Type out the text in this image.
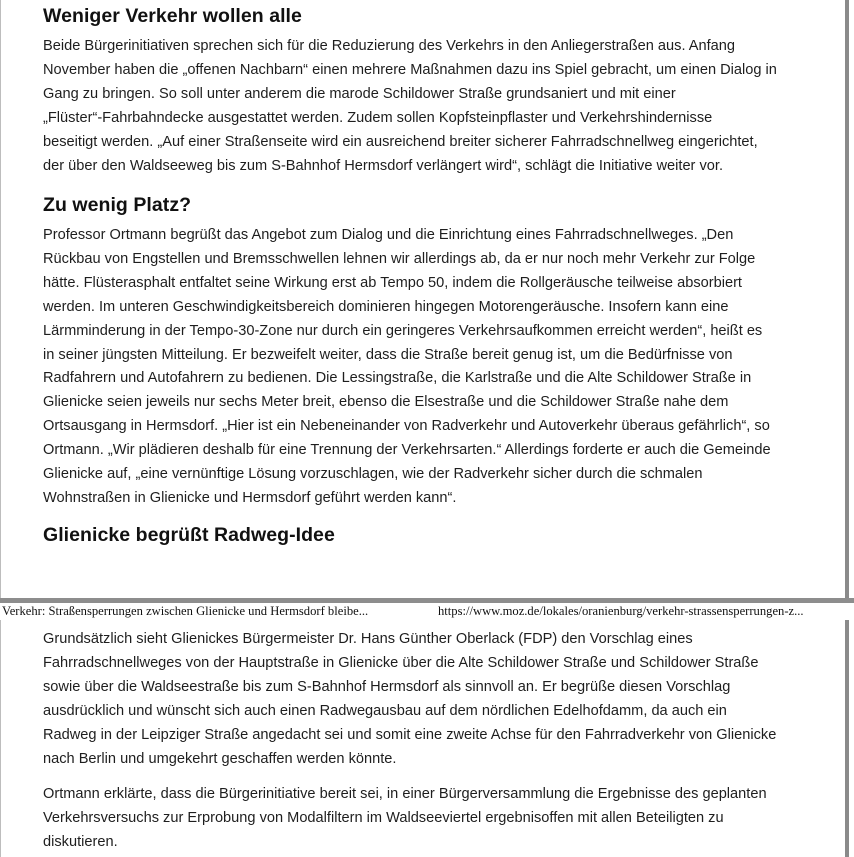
Weniger Verkehr wollen alle

Beide Bürgerinitiativen sprechen sich für die Reduzierung des Verkehrs in den Anliegerstraßen aus. Anfang
November haben die „offenen Nachbarn“ einen mehrere Maßnahmen dazu ins Spiel gebracht, um einen Dialog in
Gang zu bringen. So soll unter anderem die marode Schildower Straße grundsaniert und mit einer
„Flüster“-Fahrbahndecke ausgestattet werden. Zudem sollen Kopfsteinpflaster und Verkehrshindernisse
beseitigt werden. „Auf einer Straßenseite wird ein ausreichend breiter sicherer Fahrradschnellweg eingerichtet,
der über den Waldseeweg bis zum S-Bahnhof Hermsdorf verlängert wird“, schlägt die Initiative weiter vor.

Zu wenig Platz?

Professor Ortmann begrüßt das Angebot zum Dialog und die Einrichtung eines Fahrradschnellweges. „Den
Rückbau von Engstellen und Bremsschwellen lehnen wir allerdings ab, da er nur noch mehr Verkehr zur Folge
hätte. Flüsterasphalt entfaltet seine Wirkung erst ab Tempo 50, indem die Rollgeräusche teilweise absorbiert
werden. Im unteren Geschwindigkeitsbereich dominieren hingegen Motorengeräusche. Insofern kann eine
Lärmminderung in der Tempo-30-Zone nur durch ein geringeres Verkehrsaufkommen erreicht werden“, heißt es
in seiner jüngsten Mitteilung. Er bezweifelt weiter, dass die Straße bereit genug ist, um die Bedürfnisse von
Radfahrern und Autofahrern zu bedienen. Die Lessingstraße, die Karlstraße und die Alte Schildower Straße in
Glienicke seien jeweils nur sechs Meter breit, ebenso die Elsestraße und die Schildower Straße nahe dem
Ortsausgang in Hermsdorf. „Hier ist ein Nebeneinander von Radverkehr und Autoverkehr überaus gefährlich“, so
Ortmann. „Wir plädieren deshalb für eine Trennung der Verkehrsarten.“ Allerdings forderte er auch die Gemeinde
Glienicke auf, „eine vernünftige Lösung vorzuschlagen, wie der Radverkehr sicher durch die schmalen
Wohnstraßen in Glienicke und Hermsdorf geführt werden kann“.

Glienicke begrüßt Radweg-Idee
Verkehr: Straßensperrungen zwischen Glienicke und Hermsdorf bleibe...	https://www.moz.de/lokales/oranienburg/verkehr-strassensperrungen-z...

Grundsätzlich sieht Glienickes Bürgermeister Dr. Hans Günther Oberlack (FDP) den Vorschlag eines
Fahrradschnellweges von der Hauptstraße in Glienicke über die Alte Schildower Straße und Schildower Straße
sowie über die Waldseestraße bis zum S-Bahnhof Hermsdorf als sinnvoll an. Er begrüße diesen Vorschlag
ausdrücklich und wünscht sich auch einen Radwegausbau auf dem nördlichen Edelhofdamm, da auch ein
Radweg in der Leipziger Straße angedacht sei und somit eine zweite Achse für den Fahrradverkehr von Glienicke
nach Berlin und umgekehrt geschaffen werden könnte.

Ortmann erklärte, dass die Bürgerinitiative bereit sei, in einer Bürgerversammlung die Ergebnisse des geplanten
Verkehrsversuchs zur Erprobung von Modalfiltern im Waldseeviertel ergebnisoffen mit allen Beteiligten zu
diskutieren.
